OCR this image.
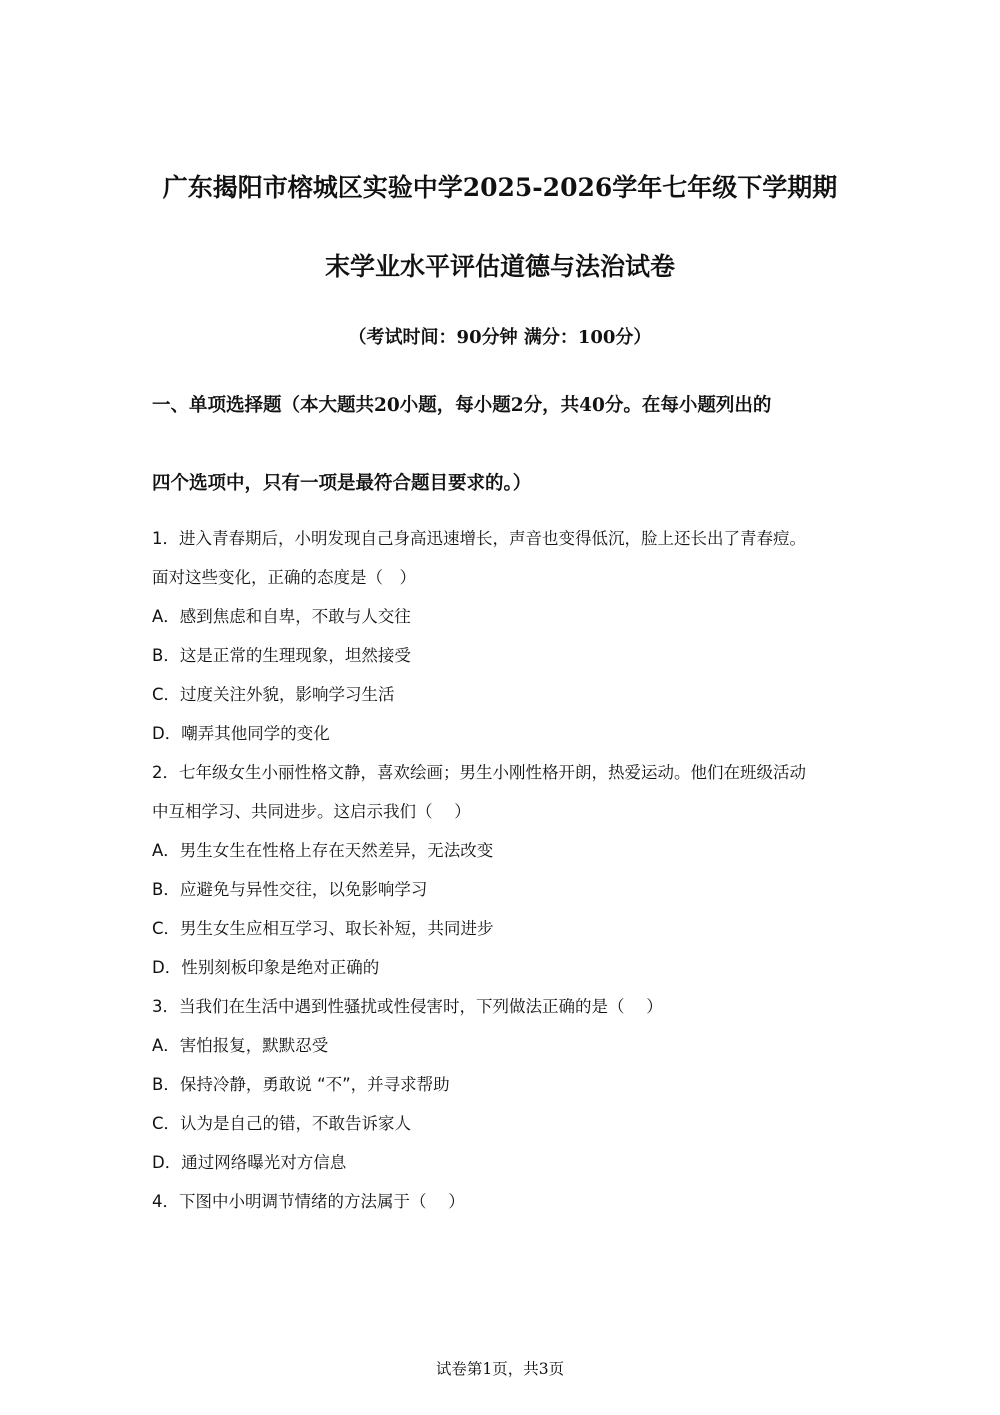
广东揭阳市榕城区实验中学2025-2026学年七年级下学期期
末学业水平评估道德与法治试卷
（考试时间：90分钟 满分：100分）
一、单项选择题（本大题共20小题，每小题2分，共40分。在每小题列出的
四个选项中，只有一项是最符合题目要求的。）
1．进入青春期后，小明发现自己身高迅速增长，声音也变得低沉，脸上还长出了青春痘。
面对这些变化，正确的态度是（　）
A．感到焦虑和自卑，不敢与人交往
B．这是正常的生理现象，坦然接受
C．过度关注外貌，影响学习生活
D．嘲弄其他同学的变化
2．七年级女生小丽性格文静，喜欢绘画；男生小刚性格开朗，热爱运动。他们在班级活动
中互相学习、共同进步。这启示我们（　 ）
A．男生女生在性格上存在天然差异，无法改变
B．应避免与异性交往，以免影响学习
C．男生女生应相互学习、取长补短，共同进步
D．性别刻板印象是绝对正确的
3．当我们在生活中遇到性骚扰或性侵害时，下列做法正确的是（　 ）
A．害怕报复，默默忍受
B．保持冷静，勇敢说 “不”，并寻求帮助
C．认为是自己的错，不敢告诉家人
D．通过网络曝光对方信息
4．下图中小明调节情绪的方法属于（　 ）
试卷第1页，共3页
